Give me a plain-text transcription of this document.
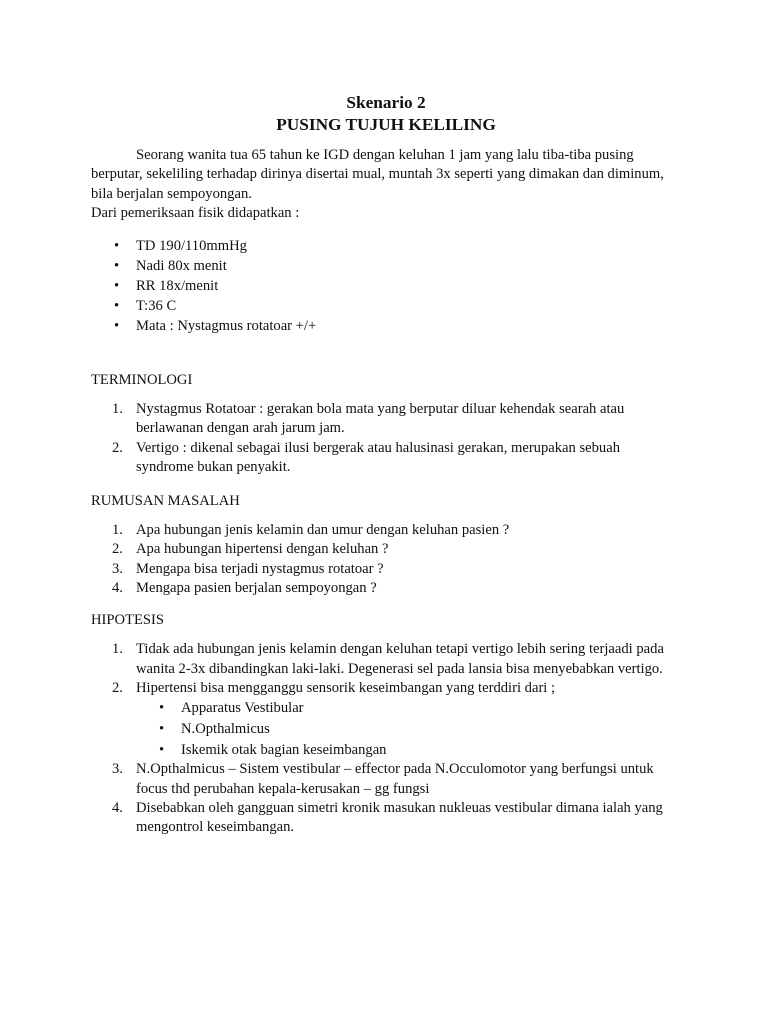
Skenario 2

PUSING TUJUH KELILING

Seorang wanita tua 65 tahun ke IGD dengan keluhan 1 jam yang lalu tiba-tiba pusing berputar, sekeliling terhadap dirinya disertai mual, muntah 3x seperti yang dimakan dan diminum, bila berjalan sempoyongan.

Dari pemeriksaan fisik didapatkan :

• TD 190/110mmHg
• Nadi 80x menit
• RR 18x/menit
• T:36 C
• Mata : Nystagmus rotatoar +/+

TERMINOLOGI

1. Nystagmus Rotatoar : gerakan bola mata yang berputar diluar kehendak searah atau berlawanan dengan arah jarum jam.
2. Vertigo : dikenal sebagai ilusi bergerak atau halusinasi gerakan, merupakan sebuah syndrome bukan penyakit.

RUMUSAN MASALAH

1. Apa hubungan jenis kelamin dan umur dengan keluhan pasien ?
2. Apa hubungan hipertensi dengan keluhan ?
3. Mengapa bisa terjadi nystagmus rotatoar ?
4. Mengapa pasien berjalan sempoyongan ?

HIPOTESIS

1. Tidak ada hubungan jenis kelamin dengan keluhan tetapi vertigo lebih sering terjaadi pada wanita 2-3x dibandingkan laki-laki. Degenerasi sel pada lansia bisa menyebabkan vertigo.
2. Hipertensi bisa mengganggu sensorik keseimbangan yang terddiri dari ;
• Apparatus Vestibular
• N.Opthalmicus
• Iskemik otak bagian keseimbangan
3. N.Opthalmicus – Sistem vestibular – effector pada N.Occulomotor yang berfungsi untuk focus thd perubahan kepala-kerusakan – gg fungsi
4. Disebabkan oleh gangguan simetri kronik masukan nukleuas vestibular dimana ialah yang mengontrol keseimbangan.
